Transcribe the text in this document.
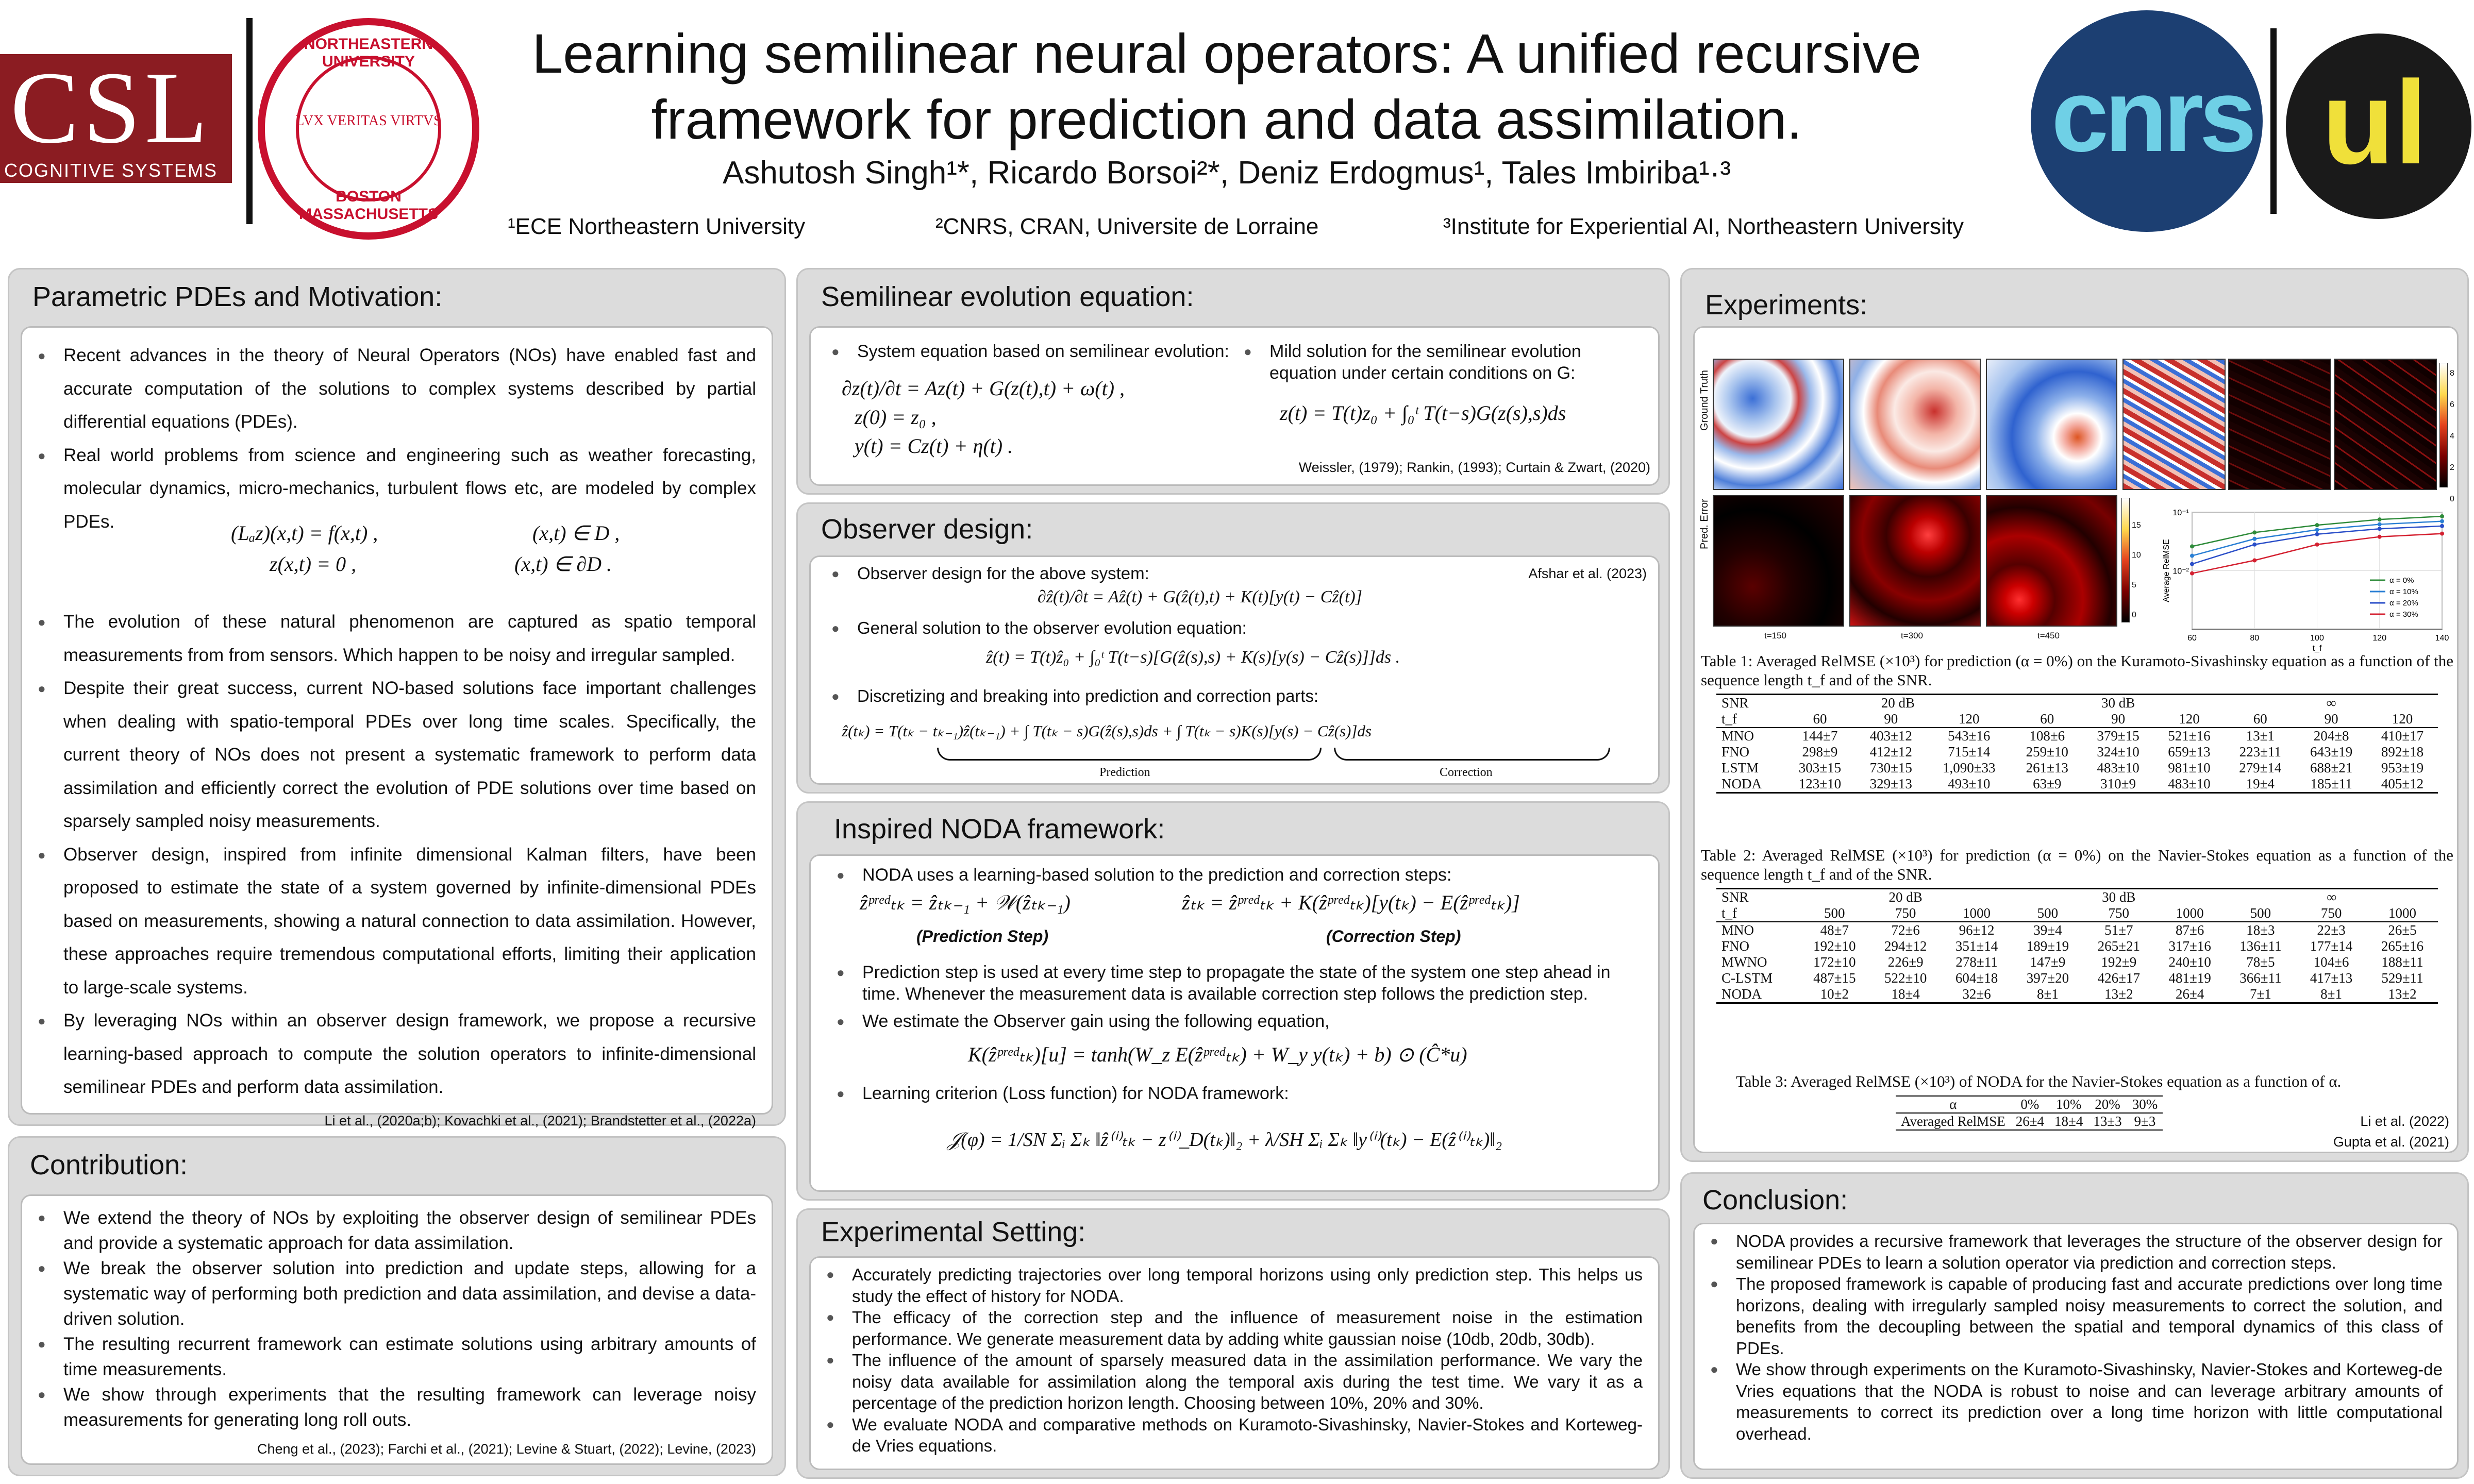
CSL
COGNITIVE SYSTEMS LAB.
NORTHEASTERN UNIVERSITY
LVX VERITAS VIRTVS
BOSTON MASSACHUSETTS
Learning semilinear neural operators: A unified recursive
framework for prediction and data assimilation.
Ashutosh Singh¹*, Ricardo Borsoi²*, Deniz Erdogmus¹, Tales Imbiriba¹·³
¹ECE Northeastern University	²CNRS, CRAN, Universite de Lorraine	³Institute for Experiential AI, Northeastern University
cnrs ul
Parametric PDEs and Motivation:
● Recent advances in the theory of Neural Operators (NOs) have enabled fast and accurate computation of the solutions to complex systems described by partial differential equations (PDEs).
● Real world problems from science and engineering such as weather forecasting, molecular dynamics, micro-mechanics, turbulent flows etc, are modeled by complex PDEs.	(Lₐz)(x,t) = f(x,t) ,	(x,t) ∈ D ,
z(x,t) = 0 ,	(x,t) ∈ ∂D .
● The evolution of these natural phenomenon are captured as spatio temporal measurements from from sensors. Which happen to be noisy and irregular sampled.
● Despite their great success, current NO-based solutions face important challenges when dealing with spatio-temporal PDEs over long time scales. Specifically, the current theory of NOs does not present a systematic framework to perform data assimilation and efficiently correct the evolution of PDE solutions over time based on sparsely sampled noisy measurements.
● Observer design, inspired from infinite dimensional Kalman filters, have been proposed to estimate the state of a system governed by infinite-dimensional PDEs based on measurements, showing a natural connection to data assimilation. However, these approaches require tremendous computational efforts, limiting their application to large-scale systems.
● By leveraging NOs within an observer design framework, we propose a recursive learning-based approach to compute the solution operators to infinite-dimensional semilinear PDEs and perform data assimilation.
Li et al., (2020a;b); Kovachki et al., (2021); Brandstetter et al., (2022a)
Contribution:
● We extend the theory of NOs by exploiting the observer design of semilinear PDEs and provide a systematic approach for data assimilation.
● We break the observer solution into prediction and update steps, allowing for a systematic way of performing both prediction and data assimilation, and devise a data-driven solution.
● The resulting recurrent framework can estimate solutions using arbitrary amounts of time measurements.
● We show through experiments that the resulting framework can leverage noisy measurements for generating long roll outs.
Cheng et al., (2023); Farchi et al., (2021); Levine & Stuart, (2022); Levine, (2023)
Semilinear evolution equation:
● System equation based on semilinear evolution:
∂z(t)/∂t = Az(t) + G(z(t),t) + ω(t) ,
z(0) = z₀ ,
y(t) = Cz(t) + η(t) .
● Mild solution for the semilinear evolution equation under certain conditions on G:
z(t) = T(t)z₀ + ∫₀ᵗ T(t−s)G(z(s),s)ds
Weissler, (1979); Rankin, (1993); Curtain & Zwart, (2020)
Observer design:
Afshar et al. (2023)
● Observer design for the above system:
∂ẑ(t)/∂t = Aẑ(t) + G(ẑ(t),t) + K(t)[y(t) − Cẑ(t)]
● General solution to the observer evolution equation:
ẑ(t) = T(t)ẑ₀ + ∫₀ᵗ T(t−s)[G(ẑ(s),s) + K(s)[y(s) − Cẑ(s)]]ds .
● Discretizing and breaking into prediction and correction parts:
ẑ(tₖ) = T(tₖ − tₖ₋₁)ẑ(tₖ₋₁) + ∫ T(tₖ − s)G(ẑ(s),s)ds + ∫ T(tₖ − s)K(s)[y(s) − Cẑ(s)]ds
Prediction	Correction
Inspired NODA framework:
● NODA uses a learning-based solution to the prediction and correction steps:
ẑᵖʳᵉᵈₜₖ = ẑₜₖ₋₁ + 𝒲(ẑₜₖ₋₁)	ẑₜₖ = ẑᵖʳᵉᵈₜₖ + K(ẑᵖʳᵉᵈₜₖ)[y(tₖ) − E(ẑᵖʳᵉᵈₜₖ)]
(Prediction Step)	(Correction Step)
● Prediction step is used at every time step to propagate the state of the system one step ahead in time. Whenever the measurement data is available correction step follows the prediction step.
● We estimate the Observer gain using the following equation,
K(ẑᵖʳᵉᵈₜₖ)[u] = tanh(W_z E(ẑᵖʳᵉᵈₜₖ) + W_y y(tₖ) + b) ⊙ (Ĉ*u)
● Learning criterion (Loss function) for NODA framework:
𝒥(φ) = 1/SN Σᵢ Σₖ ‖ẑ⁽ⁱ⁾ₜₖ − z⁽ⁱ⁾_D(tₖ)‖₂ + λ/SH Σᵢ Σₖ ‖y⁽ⁱ⁾(tₖ) − E(ẑ⁽ⁱ⁾ₜₖ)‖₂
Experimental Setting:
● Accurately predicting trajectories over long temporal horizons using only prediction step. This helps us study the effect of history for NODA.
● The efficacy of the correction step and the influence of measurement noise in the estimation performance. We generate measurement data by adding white gaussian noise (10db, 20db, 30db).
● The influence of the amount of sparsely measured data in the assimilation performance. We vary the noisy data available for assimilation along the temporal axis during the test time. We vary it as a percentage of the prediction horizon length. Choosing between 10%, 20% and 30%.
● We evaluate NODA and comparative methods on Kuramoto-Sivashinsky, Navier-Stokes and Korteweg-de Vries equations.
Experiments:
Ground Truth
Pred. Error
8
6
4
2
0
15
10
5
0
t=150	t=300	t=450	60	80	100	120	140
10⁻¹
10⁻²
t_f
Average RelMSE	α = 0%
α = 10%
α = 20%
α = 30%
Table 1: Averaged RelMSE (×10³) for prediction (α = 0%) on the Kuramoto-Sivashinsky equation as a function of the sequence length t_f and of the SNR.
SNR	20 dB			30 dB			∞		
t_f	60	90	120	60	90	120	60	90	120
MNO	144±7	403±12	543±16	108±6	379±15	521±16	13±1	204±8	410±17
FNO	298±9	412±12	715±14	259±10	324±10	659±13	223±11	643±19	892±18
LSTM	303±15	730±15	1,090±33	261±13	483±10	981±10	279±14	688±21	953±19
NODA	123±10	329±13	493±10	63±9	310±9	483±10	19±4	185±11	405±12
Table 2: Averaged RelMSE (×10³) for prediction (α = 0%) on the Navier-Stokes equation as a function of the sequence length t_f and of the SNR.
SNR	20 dB			30 dB			∞		
t_f	500	750	1000	500	750	1000	500	750	1000
MNO	48±7	72±6	96±12	39±4	51±7	87±6	18±3	22±3	26±5
FNO	192±10	294±12	351±14	189±19	265±21	317±16	136±11	177±14	265±16
MWNO	172±10	226±9	278±11	147±9	192±9	240±10	78±5	104±6	188±11
C-LSTM	487±15	522±10	604±18	397±20	426±17	481±19	366±11	417±13	529±11
NODA	10±2	18±4	32±6	8±1	13±2	26±4	7±1	8±1	13±2
Table 3: Averaged RelMSE (×10³) of NODA for the Navier-Stokes equation as a function of α.
α	0%	10%	20%	30%
Averaged RelMSE	26±4	18±4	13±3	9±3	Li et al. (2022)
Gupta et al. (2021)
Conclusion:
● NODA provides a recursive framework that leverages the structure of the observer design for semilinear PDEs to learn a solution operator via prediction and correction steps.
● The proposed framework is capable of producing fast and accurate predictions over long time horizons, dealing with irregularly sampled noisy measurements to correct the solution, and benefits from the decoupling between the spatial and temporal dynamics of this class of PDEs.
● We show through experiments on the Kuramoto-Sivashinsky, Navier-Stokes and Korteweg-de Vries equations that the NODA is robust to noise and can leverage arbitrary amounts of measurements to correct its prediction over a long time horizon with little computational overhead.
